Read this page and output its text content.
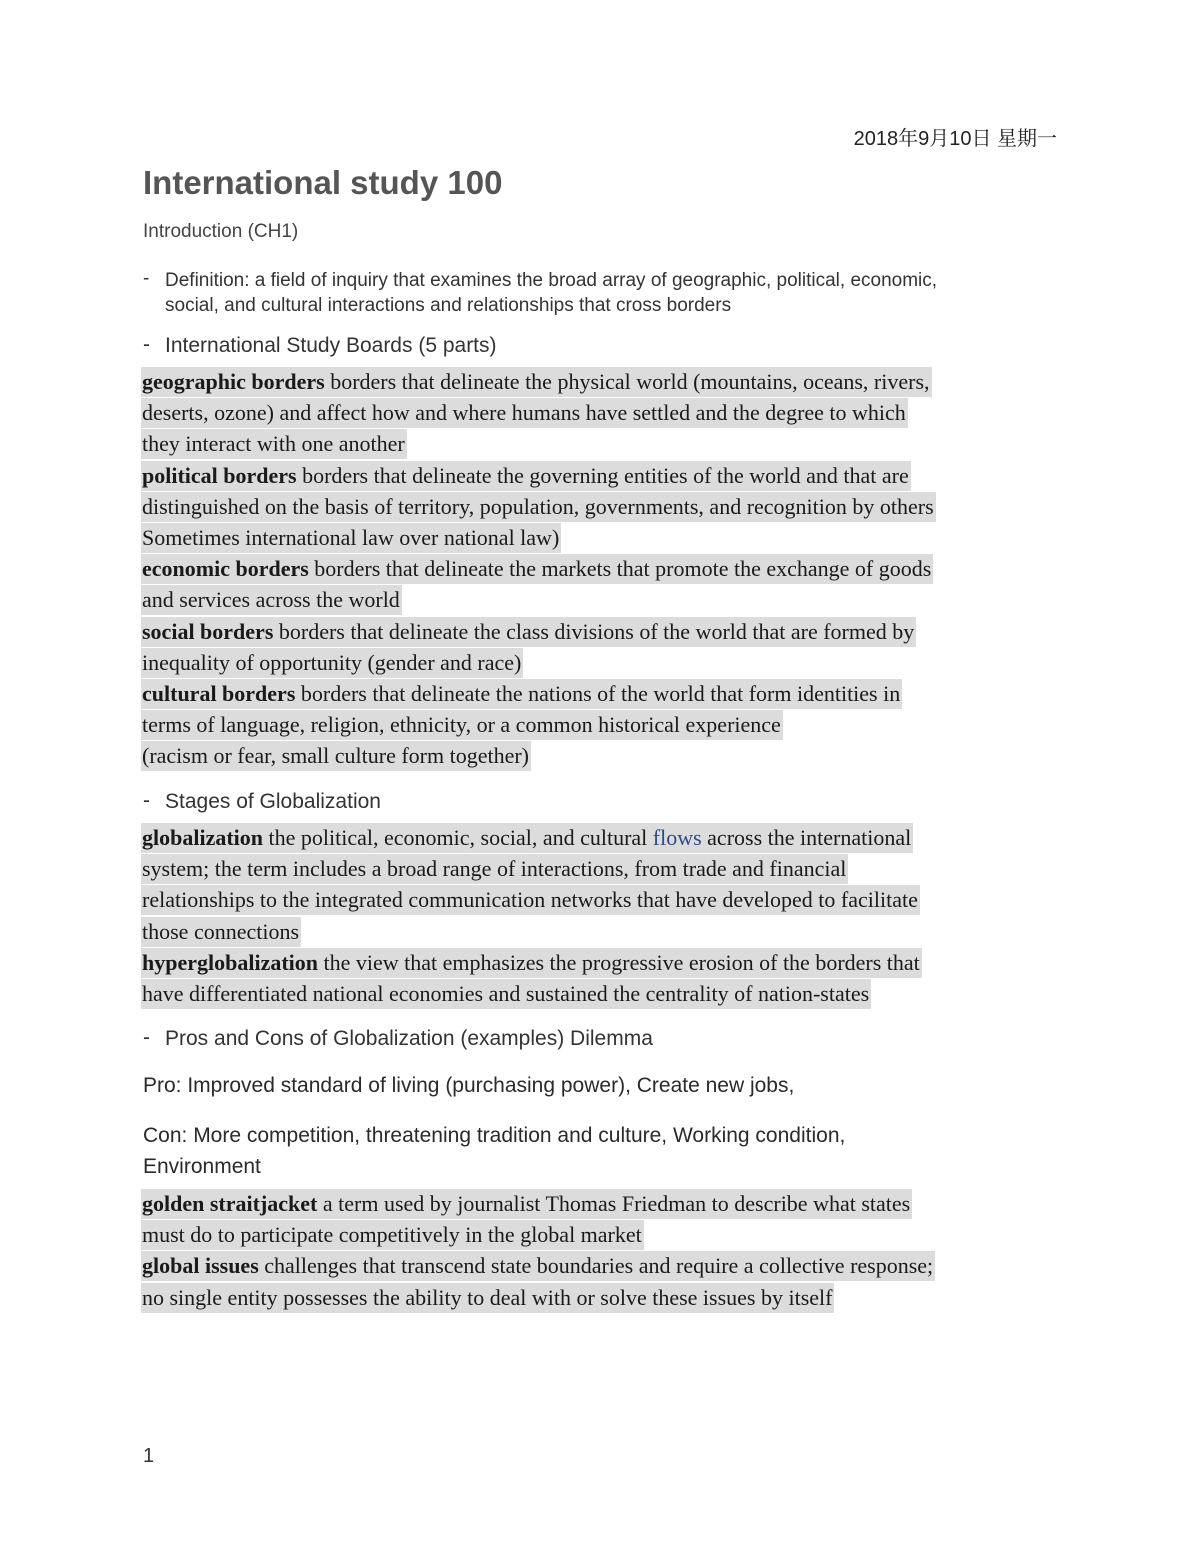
2018年9月10日 星期一
International study 100
Introduction (CH1)
- Definition: a field of inquiry that examines the broad array of geographic, political, economic,
social, and cultural interactions and relationships that cross borders
- International Study Boards (5 parts)
geographic borders borders that delineate the physical world (mountains, oceans, rivers,
deserts, ozone) and affect how and where humans have settled and the degree to which
they interact with one another
political borders borders that delineate the governing entities of the world and that are
distinguished on the basis of territory, population, governments, and recognition by others
Sometimes international law over national law)
economic borders borders that delineate the markets that promote the exchange of goods
and services across the world
social borders borders that delineate the class divisions of the world that are formed by
inequality of opportunity (gender and race)
cultural borders borders that delineate the nations of the world that form identities in
terms of language, religion, ethnicity, or a common historical experience
(racism or fear, small culture form together)
- Stages of Globalization
globalization the political, economic, social, and cultural flows across the international
system; the term includes a broad range of interactions, from trade and financial
relationships to the integrated communication networks that have developed to facilitate
those connections
hyperglobalization the view that emphasizes the progressive erosion of the borders that
have differentiated national economies and sustained the centrality of nation-states
- Pros and Cons of Globalization (examples) Dilemma
Pro: Improved standard of living (purchasing power), Create new jobs,
Con: More competition, threatening tradition and culture, Working condition,
Environment
golden straitjacket a term used by journalist Thomas Friedman to describe what states
must do to participate competitively in the global market
global issues challenges that transcend state boundaries and require a collective response;
no single entity possesses the ability to deal with or solve these issues by itself
1
